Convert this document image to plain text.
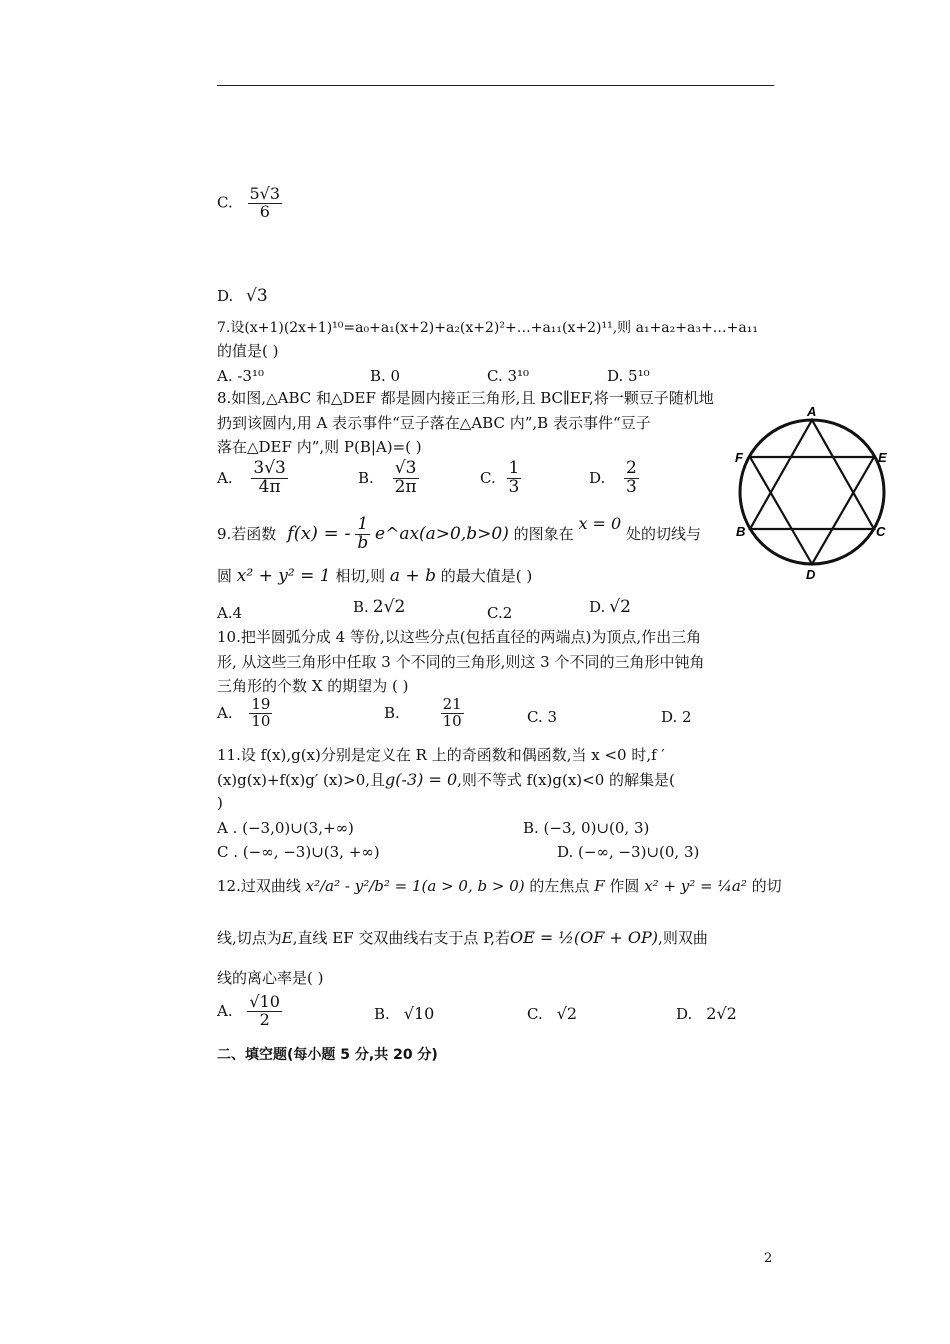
C. $\frac{5√3}{6}$
D. √3
7.设(x+1)(2x+1)¹⁰=a₀+a₁(x+2)+a₂(x+2)²+…+a₁₁(x+2)¹¹,则 a₁+a₂+a₃+…+a₁₁
的值是( )
A. -3¹⁰	B. 0	C. 3¹⁰	D. 5¹⁰
8.如图,△ABC 和△DEF 都是圆内接正三角形,且 BC∥EF,将一颗豆子随机地
扔到该圆内,用 A 表示事件“豆子落在△ABC 内”,B 表示事件“豆子
落在△DEF 内”,则 P(B|A)=( )
A. $\frac{3√3}{4\pi}$	B. $\frac{√3}{2\pi}$	C. $\frac{1}{3}$	D. $\frac{2}{3}$
A
F	E
B	C
D
9.若函数 f(x) = - $\frac{1}{b}$ e^ax(a>0,b>0) 的图象在 x = 0 处的切线与
圆 x² + y² = 1 相切,则 a + b 的最大值是( )
A.4	B. 2√2	C.2	D. √2
10.把半圆弧分成 4 等份,以这些分点(包括直径的两端点)为顶点,作出三角
形, 从这些三角形中任取 3 个不同的三角形,则这 3 个不同的三角形中钝角
三角形的个数 X 的期望为 ( )
A. $\frac{19}{10}$	B.	$\frac{21}{10}$	C. 3	D. 2
11.设 f(x),g(x)分别是定义在 R 上的奇函数和偶函数,当 x <0 时,f ′
(x)g(x)+f(x)g′ (x)>0,且g(-3) = 0,则不等式 f(x)g(x)<0 的解集是(
)
A . (−3,0)∪(3,+∞)	B. (−3, 0)∪(0, 3)
C . (−∞, −3)∪(3, +∞)	D. (−∞, −3)∪(0, 3)
12.过双曲线 x²/a² - y²/b² = 1(a > 0, b > 0) 的左焦点 F 作圆 x² + y² = ¼a² 的切
线,切点为E,直线 EF 交双曲线右支于点 P,若OE = ½(OF + OP),则双曲
线的离心率是( )
A. $\frac{√10}{2}$	B. √10	C. √2	D. 2√2
二、填空题(每小题 5 分,共 20 分)
2
